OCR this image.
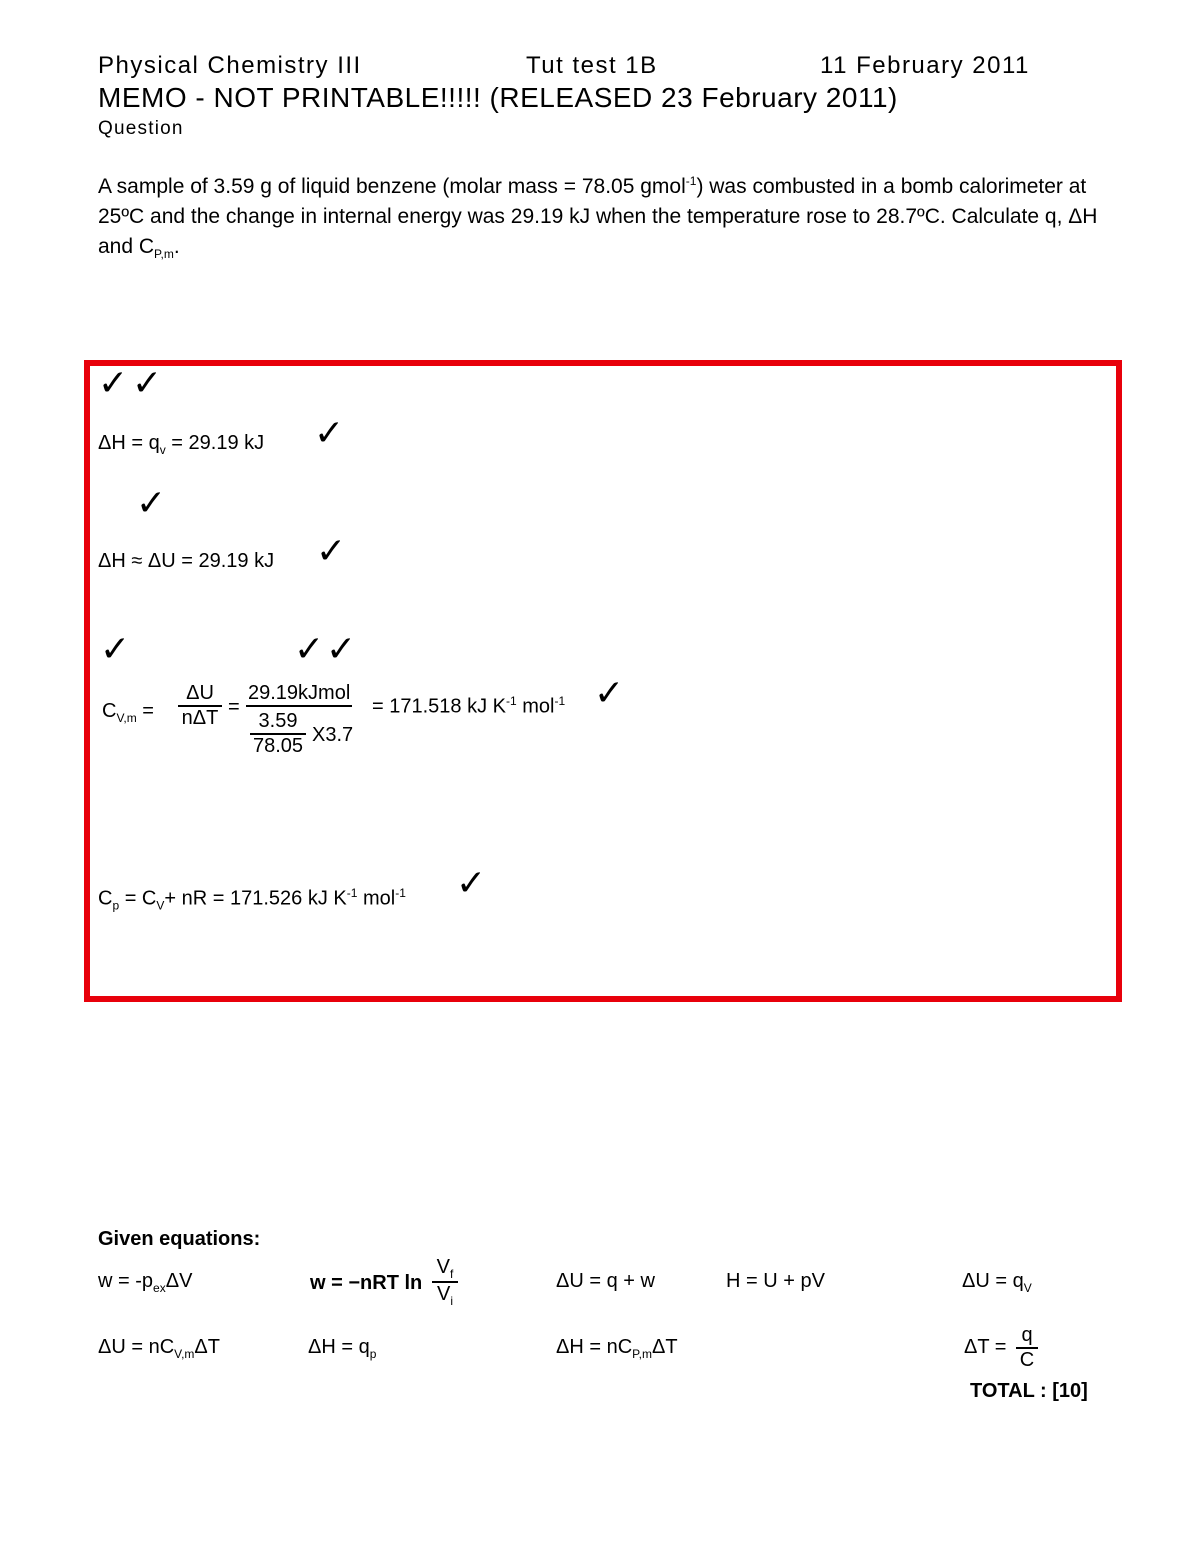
Physical Chemistry III	Tut test 1B	11 February 2011
MEMO - NOT PRINTABLE!!!!! (RELEASED 23 February 2011)
Question
A sample of 3.59 g of liquid benzene (molar mass = 78.05 gmol$^{-1}$) was combusted in a bomb calorimeter at 25ºC and the change in internal energy was 29.19 kJ when the temperature rose to 28.7ºC. Calculate q, ΔH and $C_{P,m}$.
✓ ✓
$\Delta H = q_v = 29.19$ kJ ✓
✓
ΔH ≈ ΔU = 29.19 kJ ✓
✓	✓ ✓
$C_{V,m}$ =
ΔU
nΔT =
29.19kJmol
$\frac{3.59}{78.05} X3.7$
= 171.518 kJ $K^{-1}$ mol$^{-1}$ ✓
$C_p = C_V+$ nR = 171.526 kJ $K^{-1}$ mol$^{-1}$ ✓
Given equations:
$w = -p_{ex}\Delta V$	w = −nRT $\ln \frac{V_f}{V_i}$	ΔU = q + w	H = U + pV	$\Delta U = q_V$
$\Delta U = nC_{V,m}\Delta T$	$\Delta H = q_p$	$\Delta H = nC_{P,m}\Delta T$	$\Delta T = \frac{q}{C}$
TOTAL : [10]
